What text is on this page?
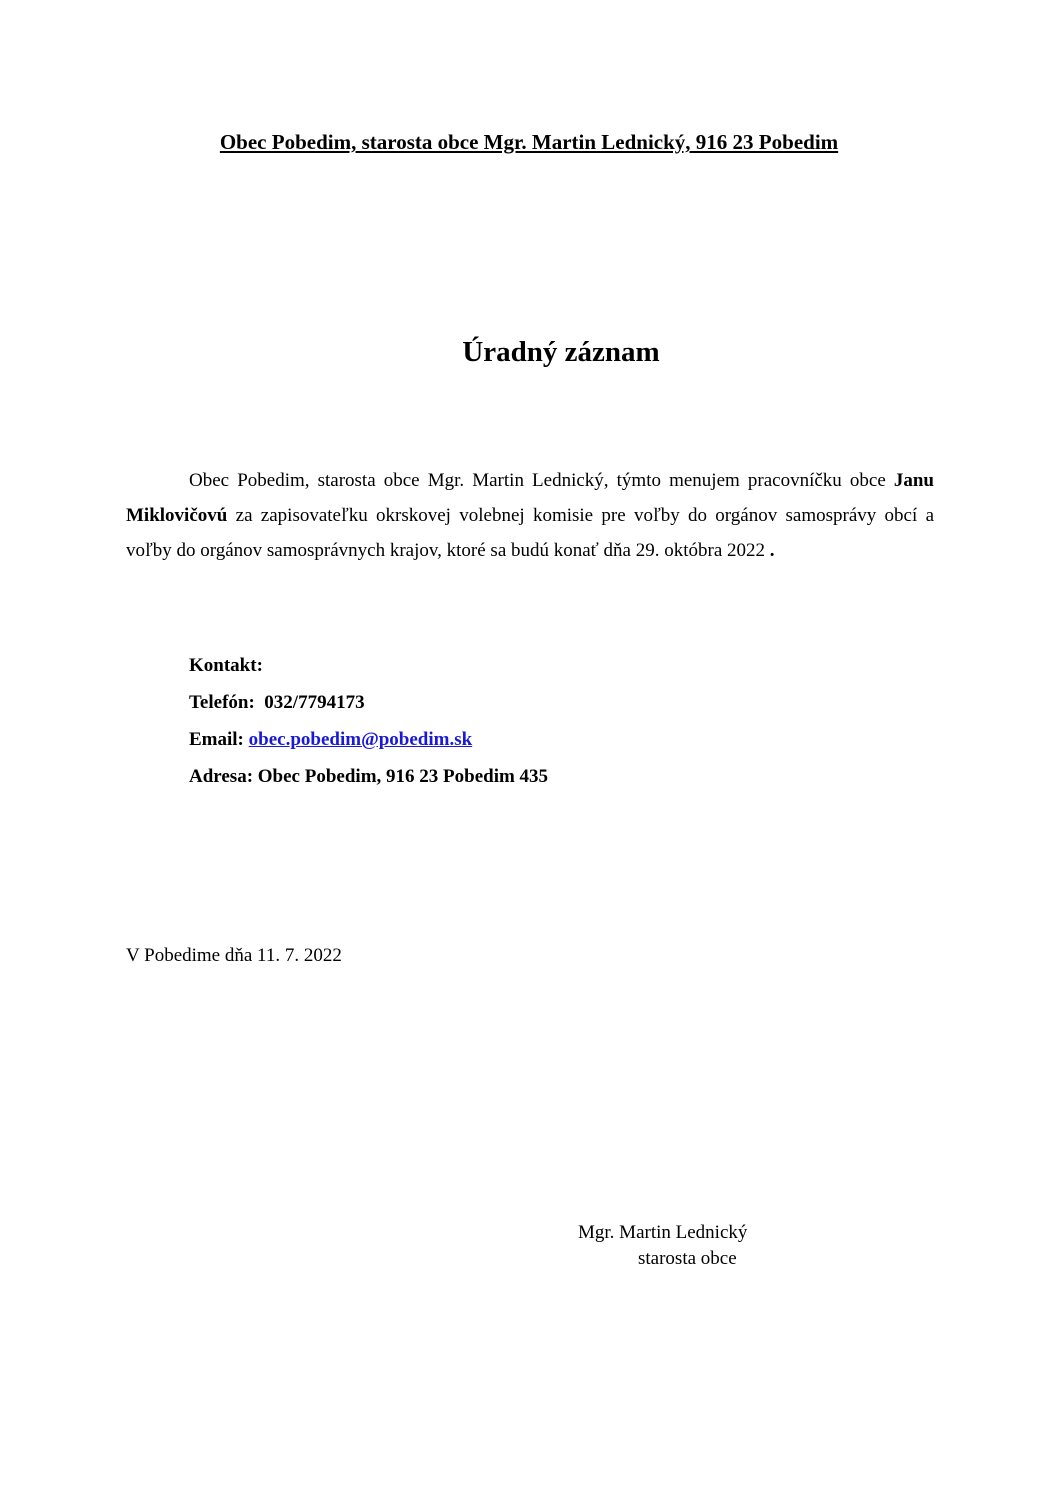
Obec Pobedim, starosta obce Mgr. Martin Lednický, 916 23 Pobedim
Úradný záznam

Obec Pobedim, starosta obce Mgr. Martin Lednický, týmto menujem pracovníčku obce Janu Miklovičovú za zapisovateľku okrskovej volebnej komisie pre voľby do orgánov samosprávy obcí a voľby do orgánov samosprávnych krajov, ktoré sa budú konať dňa 29. októbra 2022 .

Kontakt:
Telefón: 032/7794173
Email: obec.pobedim@pobedim.sk
Adresa: Obec Pobedim, 916 23 Pobedim 435
V Pobedime dňa 11. 7. 2022
Mgr. Martin Lednický
starosta obce
